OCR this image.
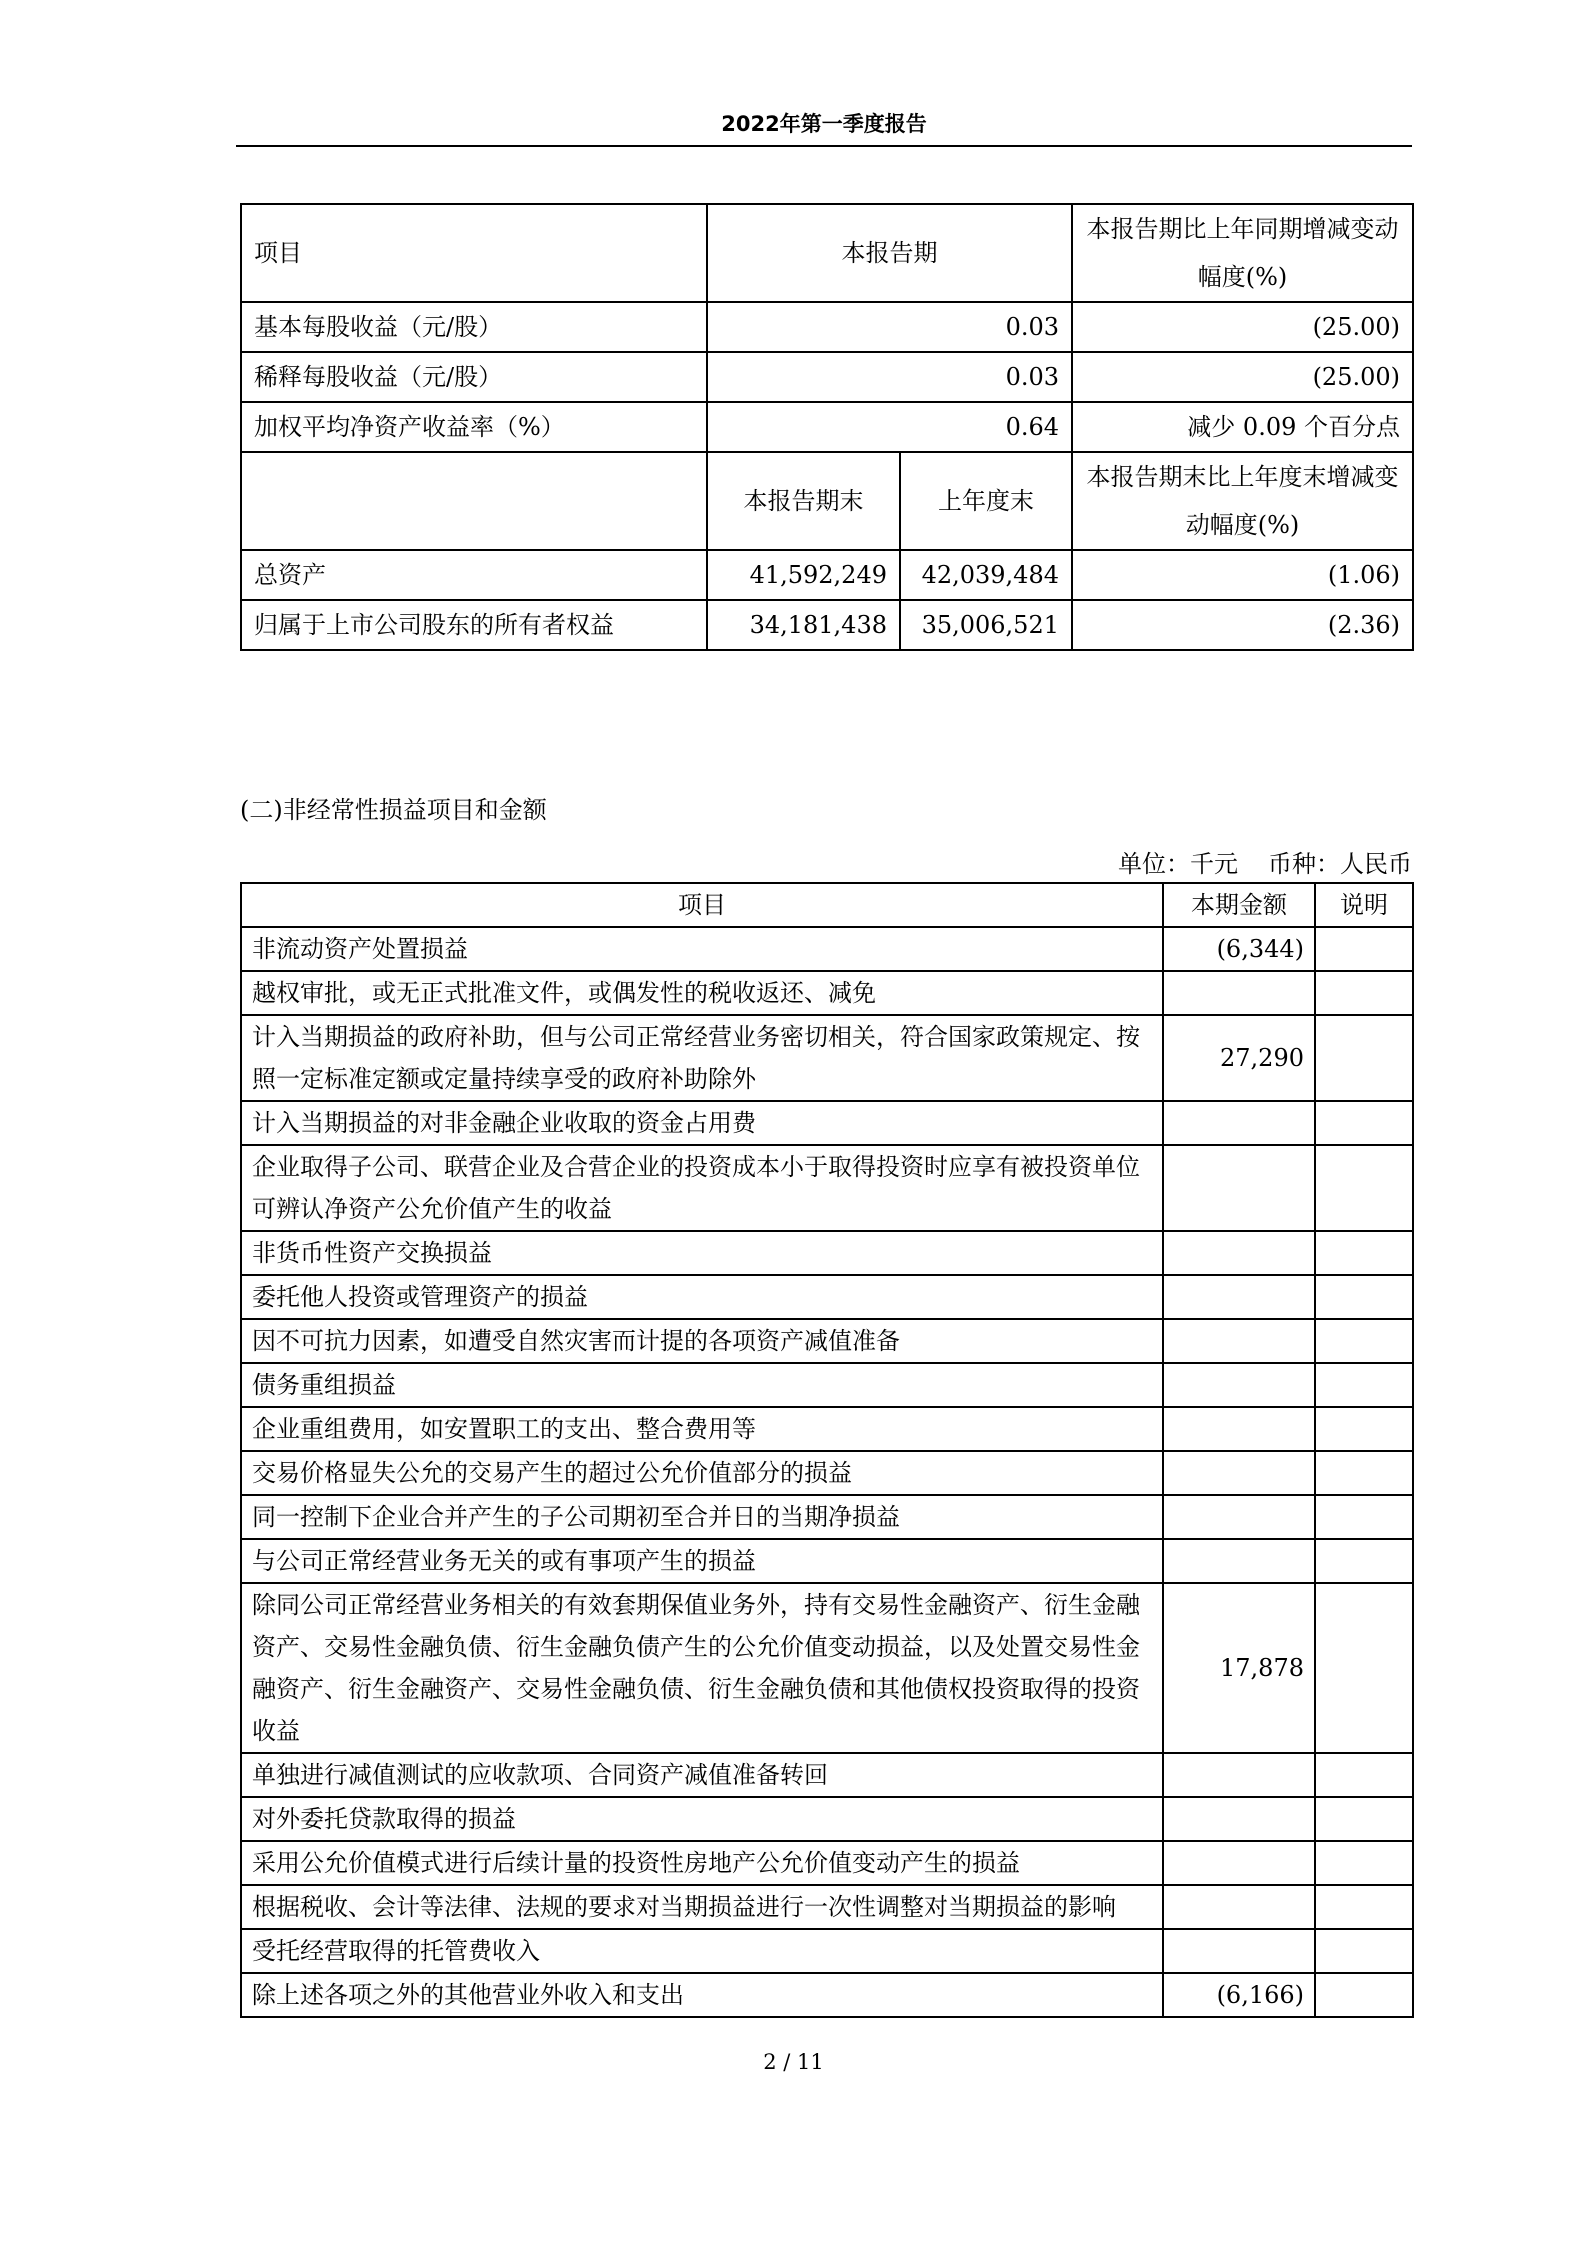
2022年第一季度报告
项目	本报告期		本报告期比上年同期增减变动幅度(%)
基本每股收益（元/股）	0.03		(25.00)
稀释每股收益（元/股）	0.03		(25.00)
加权平均净资产收益率（%）	0.64		减少 0.09 个百分点
	本报告期末	上年度末	本报告期末比上年度末增减变动幅度(%)
总资产	41,592,249	42,039,484	(1.06)
归属于上市公司股东的所有者权益	34,181,438	35,006,521	(2.36)
(二)非经常性损益项目和金额
单位：千元 币种：人民币
项目	本期金额	说明
非流动资产处置损益	(6,344)	
越权审批，或无正式批准文件，或偶发性的税收返还、减免		
计入当期损益的政府补助，但与公司正常经营业务密切相关，符合国家政策规定、按照一定标准定额或定量持续享受的政府补助除外	27,290	
计入当期损益的对非金融企业收取的资金占用费		
企业取得子公司、联营企业及合营企业的投资成本小于取得投资时应享有被投资单位可辨认净资产公允价值产生的收益		
非货币性资产交换损益		
委托他人投资或管理资产的损益		
因不可抗力因素，如遭受自然灾害而计提的各项资产减值准备		
债务重组损益		
企业重组费用，如安置职工的支出、整合费用等		
交易价格显失公允的交易产生的超过公允价值部分的损益		
同一控制下企业合并产生的子公司期初至合并日的当期净损益		
与公司正常经营业务无关的或有事项产生的损益		
除同公司正常经营业务相关的有效套期保值业务外，持有交易性金融资产、衍生金融资产、交易性金融负债、衍生金融负债产生的公允价值变动损益，以及处置交易性金融资产、衍生金融资产、交易性金融负债、衍生金融负债和其他债权投资取得的投资收益	17,878	
单独进行减值测试的应收款项、合同资产减值准备转回		
对外委托贷款取得的损益		
采用公允价值模式进行后续计量的投资性房地产公允价值变动产生的损益		
根据税收、会计等法律、法规的要求对当期损益进行一次性调整对当期损益的影响		
受托经营取得的托管费收入		
除上述各项之外的其他营业外收入和支出	(6,166)	
2 / 11
